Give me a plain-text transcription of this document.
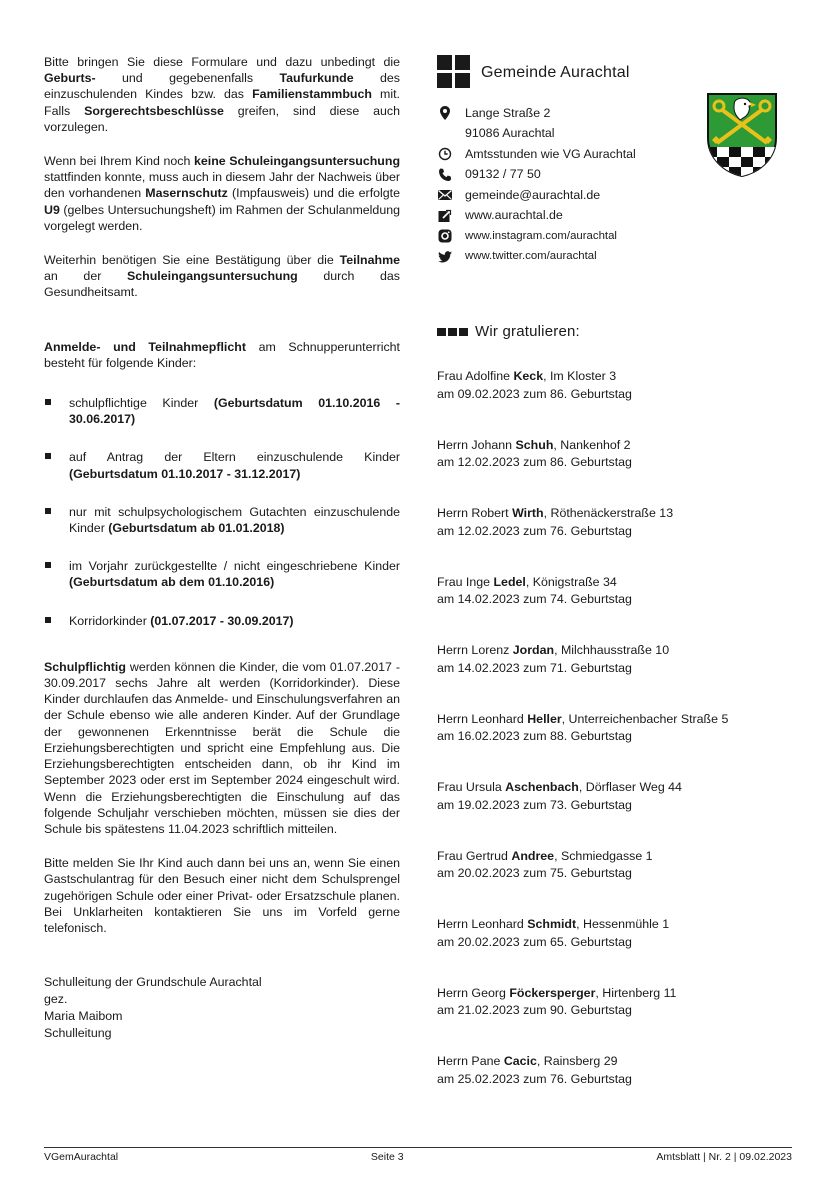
Bitte bringen Sie diese Formulare und dazu unbedingt die Geburts- und gegebenenfalls Taufurkunde des einzuschulenden Kindes bzw. das Familienstammbuch mit. Falls Sorgerechtsbeschlüsse greifen, sind diese auch vorzulegen.

Wenn bei Ihrem Kind noch keine Schuleingangsuntersuchung stattfinden konnte, muss auch in diesem Jahr der Nachweis über den vorhandenen Masernschutz (Impfausweis) und die erfolgte U9 (gelbes Untersuchungsheft) im Rahmen der Schulanmeldung vorgelegt werden.

Weiterhin benötigen Sie eine Bestätigung über die Teilnahme an der Schuleingangsuntersuchung durch das Gesundheitsamt.

Anmelde- und Teilnahmepflicht am Schnupperunterricht besteht für folgende Kinder:

schulpflichtige Kinder (Geburtsdatum 01.10.2016 - 30.06.2017)
auf Antrag der Eltern einzuschulende Kinder (Geburtsdatum 01.10.2017 - 31.12.2017)
nur mit schulpsychologischem Gutachten einzuschulende Kinder (Geburtsdatum ab 01.01.2018)
im Vorjahr zurückgestellte / nicht eingeschriebene Kinder (Geburtsdatum ab dem 01.10.2016)
Korridorkinder (01.07.2017 - 30.09.2017)

Schulpflichtig werden können die Kinder, die vom 01.07.2017 - 30.09.2017 sechs Jahre alt werden (Korridorkinder). Diese Kinder durchlaufen das Anmelde- und Einschulungsverfahren an der Schule ebenso wie alle anderen Kinder. Auf der Grundlage der gewonnenen Erkenntnisse berät die Schule die Erziehungsberechtigten und spricht eine Empfehlung aus. Die Erziehungsberechtigten entscheiden dann, ob ihr Kind im September 2023 oder erst im September 2024 eingeschult wird. Wenn die Erziehungsberechtigten die Einschulung auf das folgende Schuljahr verschieben möchten, müssen sie dies der Schule bis spätestens 11.04.2023 schriftlich mitteilen.

Bitte melden Sie Ihr Kind auch dann bei uns an, wenn Sie einen Gastschulantrag für den Besuch einer nicht dem Schulsprengel zugehörigen Schule oder einer Privat- oder Ersatzschule planen. Bei Unklarheiten kontaktieren Sie uns im Vorfeld gerne telefonisch.

Schulleitung der Grundschule Aurachtal
gez.
Maria Maibom
Schulleitung
Gemeinde Aurachtal
Lange Straße 2
91086 Aurachtal
Amtsstunden wie VG Aurachtal
09132 / 77 50
gemeinde@aurachtal.de
www.aurachtal.de
www.instagram.com/aurachtal
www.twitter.com/aurachtal
Wir gratulieren:
Frau Adolfine Keck, Im Kloster 3
am 09.02.2023 zum 86. Geburtstag
Herrn Johann Schuh, Nankenhof 2
am 12.02.2023 zum 86. Geburtstag
Herrn Robert Wirth, Röthenäckerstraße 13
am 12.02.2023 zum 76. Geburtstag
Frau Inge Ledel, Königstraße 34
am 14.02.2023 zum 74. Geburtstag
Herrn Lorenz Jordan, Milchhausstraße 10
am 14.02.2023 zum 71. Geburtstag
Herrn Leonhard Heller, Unterreichenbacher Straße 5
am 16.02.2023 zum 88. Geburtstag
Frau Ursula Aschenbach, Dörflaser Weg 44
am 19.02.2023 zum 73. Geburtstag
Frau Gertrud Andree, Schmiedgasse 1
am 20.02.2023 zum 75. Geburtstag
Herrn Leonhard Schmidt, Hessenmühle 1
am 20.02.2023 zum 65. Geburtstag
Herrn Georg Föckersperger, Hirtenberg 11
am 21.02.2023 zum 90. Geburtstag
Herrn Pane Cacic, Rainsberg 29
am 25.02.2023 zum 76. Geburtstag
VGemAurachtal	Seite 3	Amtsblatt | Nr. 2 | 09.02.2023
